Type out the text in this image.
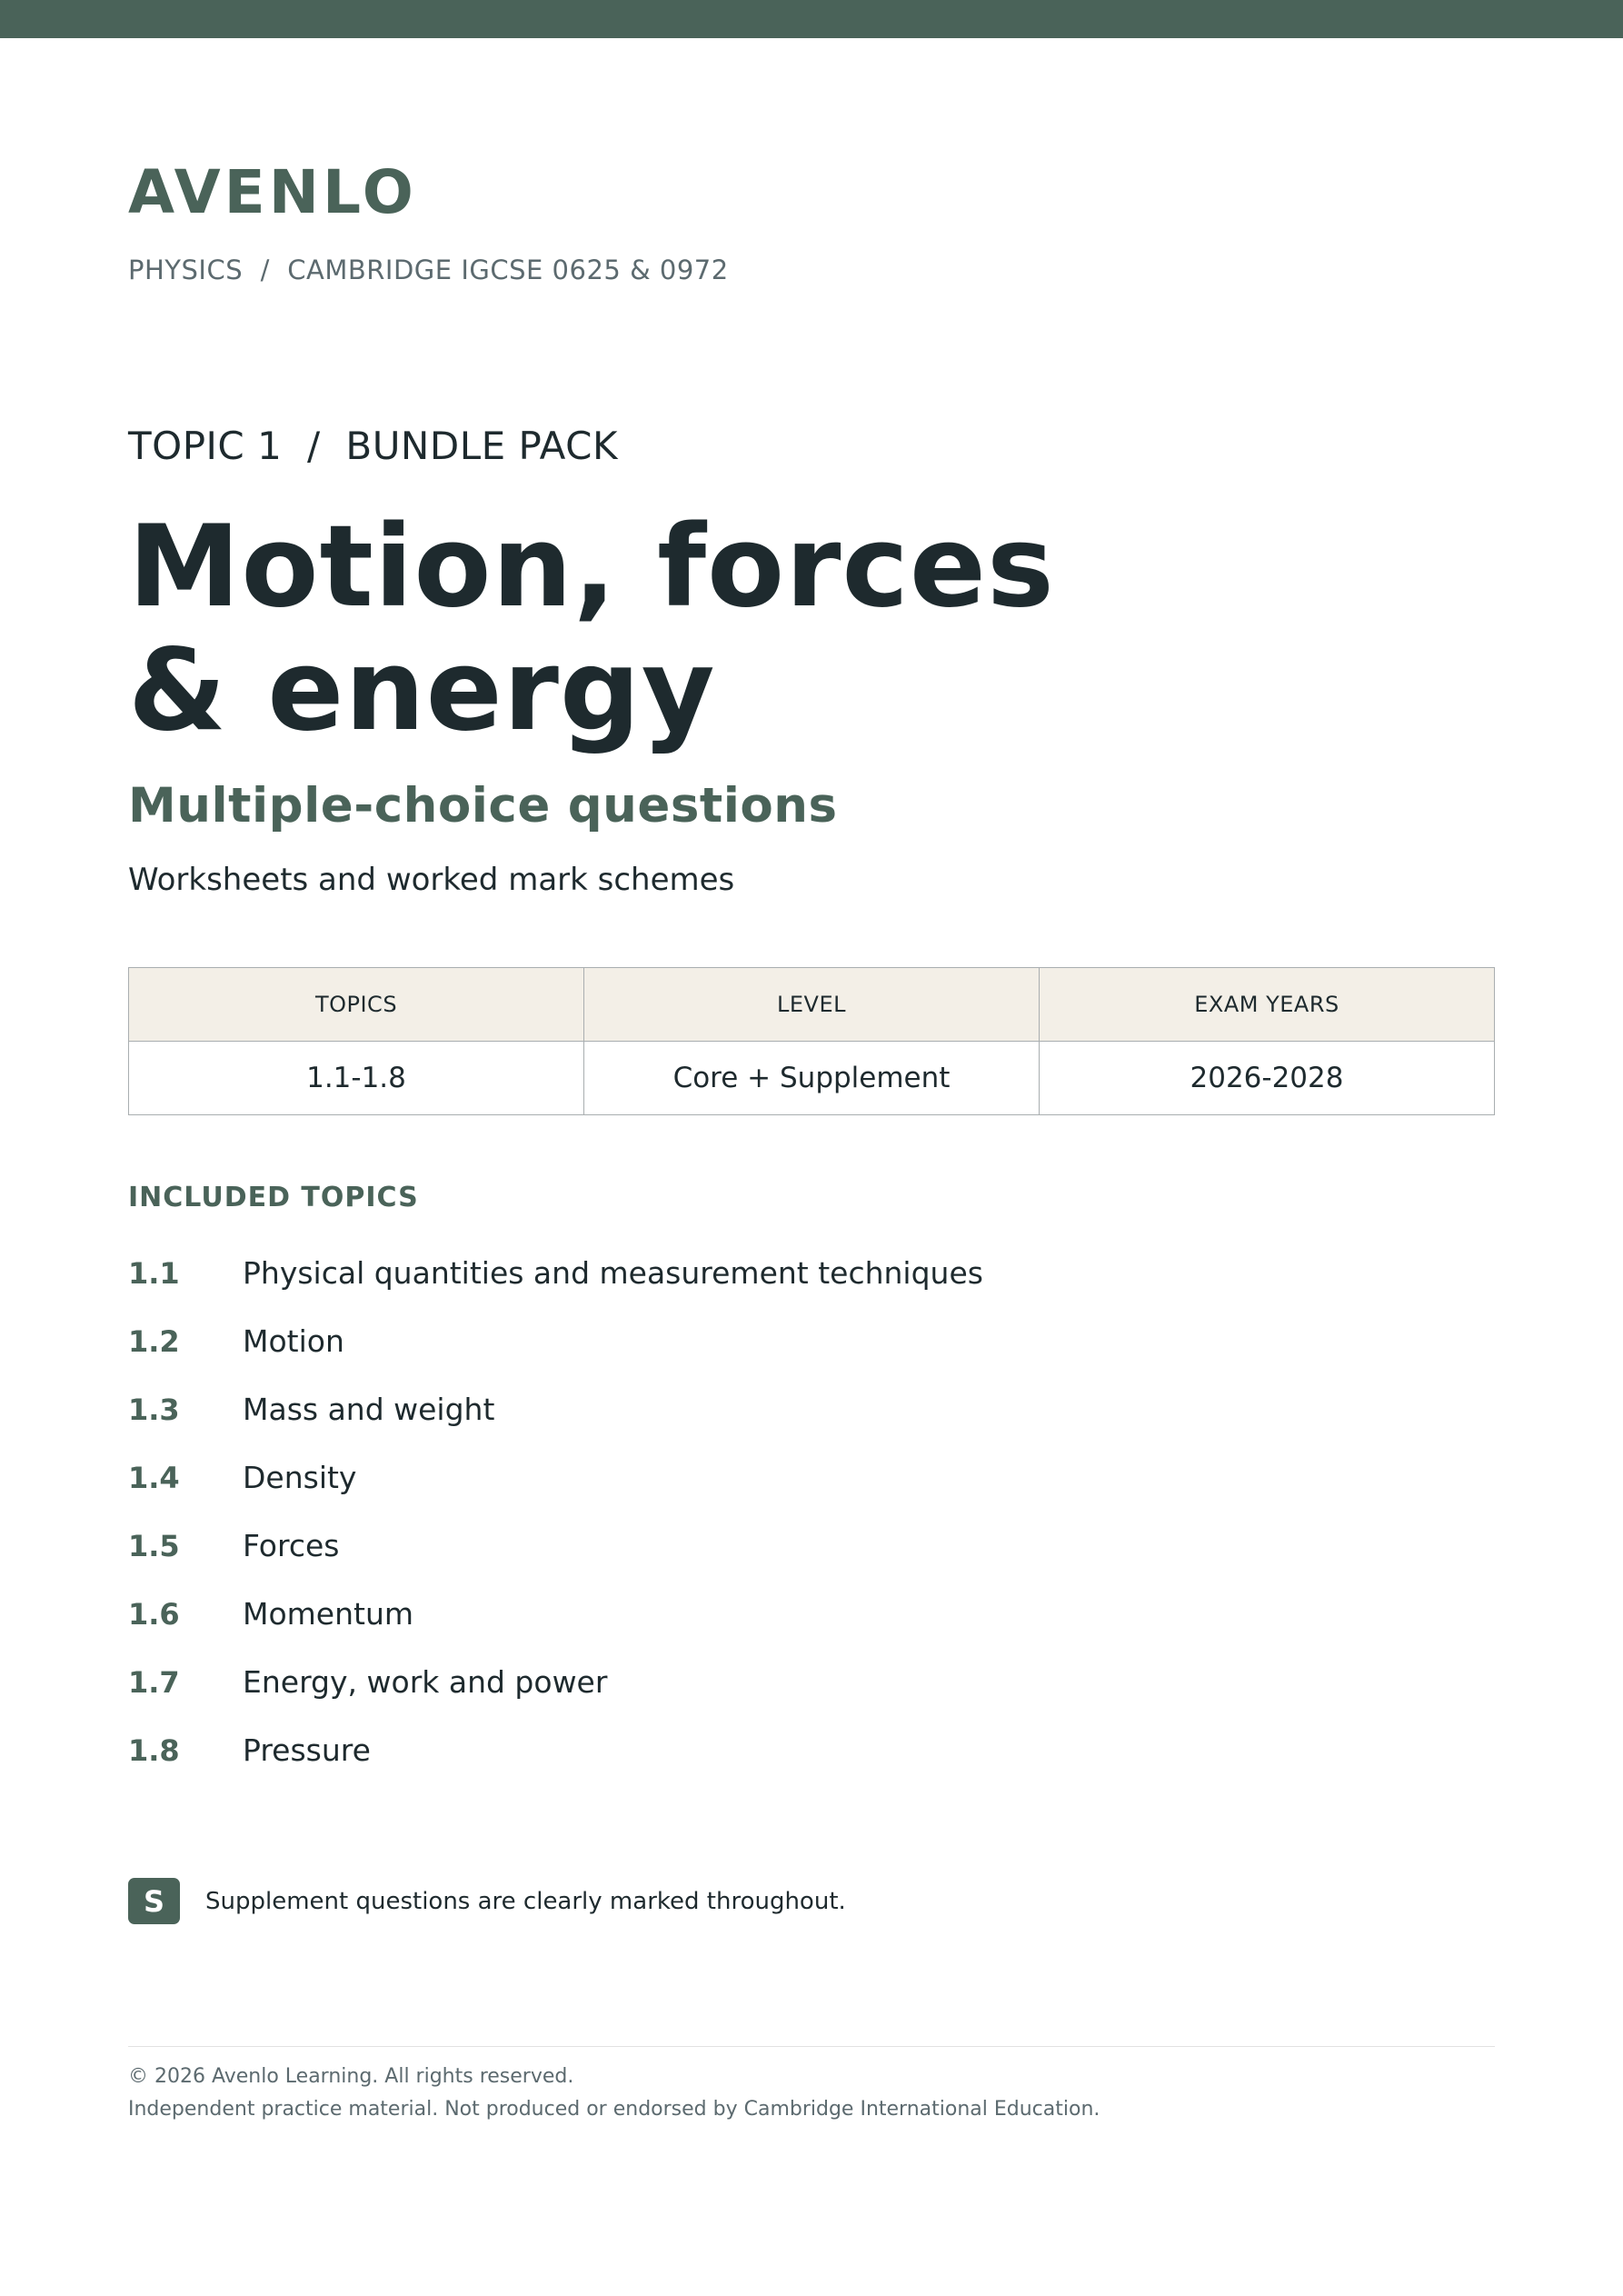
AVENLO
PHYSICS  /  CAMBRIDGE IGCSE 0625 & 0972
TOPIC 1  /  BUNDLE PACK
Motion, forces
& energy
Multiple-choice questions
Worksheets and worked mark schemes
TOPICS	LEVEL	EXAM YEARS
1.1-1.8	Core + Supplement	2026-2028
INCLUDED TOPICS
1.1	Physical quantities and measurement techniques
1.2	Motion
1.3	Mass and weight
1.4	Density
1.5	Forces
1.6	Momentum
1.7	Energy, work and power
1.8	Pressure
S	Supplement questions are clearly marked throughout.
© 2026 Avenlo Learning. All rights reserved.
Independent practice material. Not produced or endorsed by Cambridge International Education.
